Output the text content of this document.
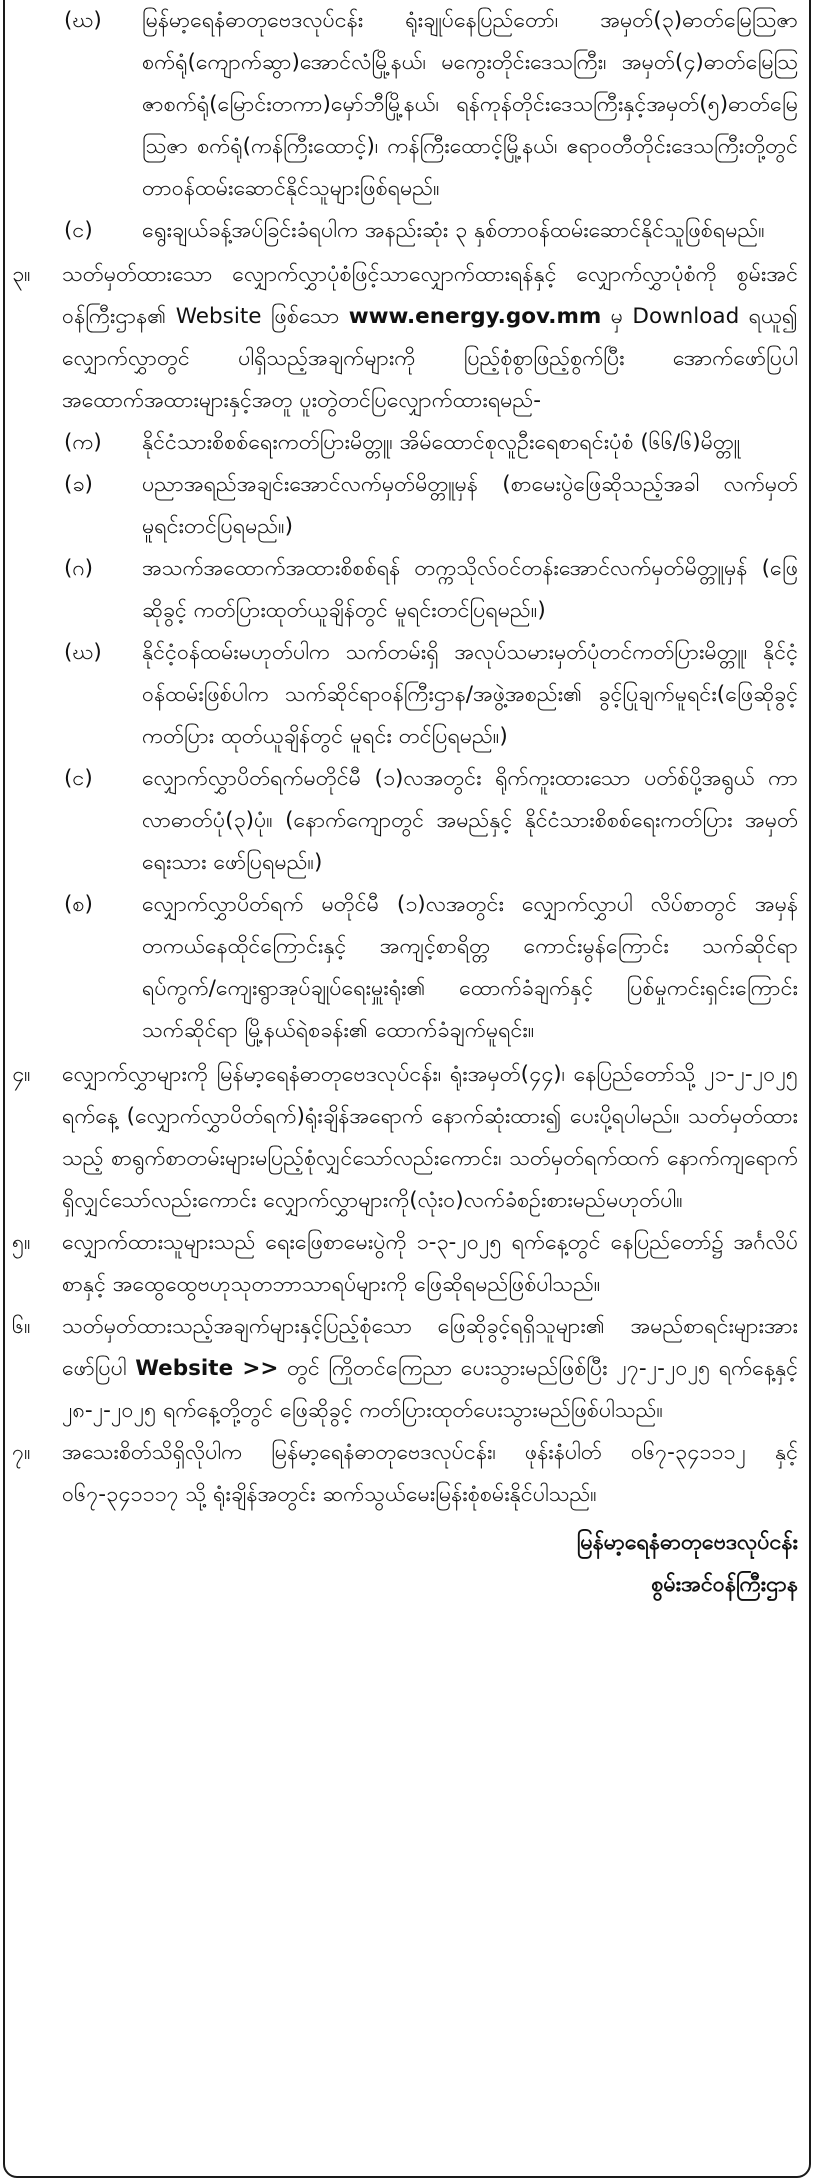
(ဃ)	မြန်မာ့ရေနံဓာတုဗေဒလုပ်ငန်း ရုံးချုပ်နေပြည်တော်၊ အမှတ်(၃)ဓာတ်မြေသြဇာစက်ရုံ(ကျောက်ဆွာ)အောင်လံမြို့နယ်၊ မကွေးတိုင်းဒေသကြီး၊ အမှတ်(၄)ဓာတ်မြေသြဇာစက်ရုံ(မြောင်းတကာ)မှော်ဘီမြို့နယ်၊ ရန်ကုန်တိုင်းဒေသကြီးနှင့်အမှတ်(၅)ဓာတ်မြေသြဇာ စက်ရုံ(ကန်ကြီးထောင့်)၊ ကန်ကြီးထောင့်မြို့နယ်၊ ဧရာဝတီတိုင်းဒေသကြီးတို့တွင် တာဝန်ထမ်းဆောင်နိုင်သူများဖြစ်ရမည်။
(င)	ရွေးချယ်ခန့်အပ်ခြင်းခံရပါက အနည်းဆုံး ၃ နှစ်တာဝန်ထမ်းဆောင်နိုင်သူဖြစ်ရမည်။
၃။	သတ်မှတ်ထားသော လျှောက်လွှာပုံစံဖြင့်သာလျှောက်ထားရန်နှင့် လျှောက်လွှာပုံစံကို စွမ်းအင်ဝန်ကြီးဌာန၏ Website ဖြစ်သော www.energy.gov.mm မှ Download ရယူ၍ လျှောက်လွှာတွင် ပါရှိသည့်အချက်များကို ပြည့်စုံစွာဖြည့်စွက်ပြီး အောက်ဖော်ပြပါ အထောက်အထားများနှင့်အတူ ပူးတွဲတင်ပြလျှောက်ထားရမည်-
(က)	နိုင်ငံသားစိစစ်ရေးကတ်ပြားမိတ္တူ၊ အိမ်ထောင်စုလူဦးရေစာရင်းပုံစံ (၆၆/၆)မိတ္တူ
(ခ)	ပညာအရည်အချင်းအောင်လက်မှတ်မိတ္တူမှန် (စာမေးပွဲဖြေဆိုသည့်အခါ လက်မှတ်မူရင်းတင်ပြရမည်။)
(ဂ)	အသက်အထောက်အထားစိစစ်ရန် တက္ကသိုလ်ဝင်တန်းအောင်လက်မှတ်မိတ္တူမှန် (ဖြေဆိုခွင့် ကတ်ပြားထုတ်ယူချိန်တွင် မူရင်းတင်ပြရမည်။)
(ဃ)	နိုင်ငံ့ဝန်ထမ်းမဟုတ်ပါက သက်တမ်းရှိ အလုပ်သမားမှတ်ပုံတင်ကတ်ပြားမိတ္တူ၊ နိုင်ငံ့ဝန်ထမ်းဖြစ်ပါက သက်ဆိုင်ရာဝန်ကြီးဌာန/အဖွဲ့အစည်း၏ ခွင့်ပြုချက်မူရင်း(ဖြေဆိုခွင့်ကတ်ပြား ထုတ်ယူချိန်တွင် မူရင်း တင်ပြရမည်။)
(င)	လျှောက်လွှာပိတ်ရက်မတိုင်မီ (၁)လအတွင်း ရိုက်ကူးထားသော ပတ်စ်ပို့အရွယ် ကာလာဓာတ်ပုံ(၃)ပုံ။ (နောက်ကျောတွင် အမည်နှင့် နိုင်ငံသားစိစစ်ရေးကတ်ပြား အမှတ်ရေးသား ဖော်ပြရမည်။)
(စ)	လျှောက်လွှာပိတ်ရက် မတိုင်မီ (၁)လအတွင်း လျှောက်လွှာပါ လိပ်စာတွင် အမှန်တကယ်နေထိုင်ကြောင်းနှင့် အကျင့်စာရိတ္တ ကောင်းမွန်ကြောင်း သက်ဆိုင်ရာ ရပ်ကွက်/ကျေးရွာအုပ်ချုပ်ရေးမှူးရုံး၏ ထောက်ခံချက်နှင့် ပြစ်မှုကင်းရှင်းကြောင်း သက်ဆိုင်ရာ မြို့နယ်ရဲစခန်း၏ ထောက်ခံချက်မူရင်း။
၄။	လျှောက်လွှာများကို မြန်မာ့ရေနံဓာတုဗေဒလုပ်ငန်း၊ ရုံးအမှတ်(၄၄)၊ နေပြည်တော်သို့ ၂၁-၂-၂၀၂၅ ရက်နေ့ (လျှောက်လွှာပိတ်ရက်)ရုံးချိန်အရောက် နောက်ဆုံးထား၍ ပေးပို့ရပါမည်။ သတ်မှတ်ထားသည့် စာရွက်စာတမ်းများမပြည့်စုံလျှင်သော်လည်းကောင်း၊ သတ်မှတ်ရက်ထက် နောက်ကျရောက်ရှိလျှင်သော်လည်းကောင်း လျှောက်လွှာများကို(လုံးဝ)လက်ခံစဉ်းစားမည်မဟုတ်ပါ။
၅။	လျှောက်ထားသူများသည် ရေးဖြေစာမေးပွဲကို ၁-၃-၂၀၂၅ ရက်နေ့တွင် နေပြည်တော်၌ အင်္ဂလိပ်စာနှင့် အထွေထွေဗဟုသုတဘာသာရပ်များကို ဖြေဆိုရမည်ဖြစ်ပါသည်။
၆။	သတ်မှတ်ထားသည့်အချက်များနှင့်ပြည့်စုံသော ဖြေဆိုခွင့်ရရှိသူများ၏ အမည်စာရင်းများအား ဖော်ပြပါ Website >> တွင် ကြိုတင်ကြေညာ ပေးသွားမည်ဖြစ်ပြီး ၂၇-၂-၂၀၂၅ ရက်နေ့နှင့် ၂၈-၂-၂၀၂၅ ရက်နေ့တို့တွင် ဖြေဆိုခွင့် ကတ်ပြားထုတ်ပေးသွားမည်ဖြစ်ပါသည်။
၇။	အသေးစိတ်သိရှိလိုပါက မြန်မာ့ရေနံဓာတုဗေဒလုပ်ငန်း၊ ဖုန်းနံပါတ် ၀၆၇-၃၄၁၁၁၂ နှင့် ၀၆၇-၃၄၁၁၁၇ သို့ ရုံးချိန်အတွင်း ဆက်သွယ်မေးမြန်းစုံစမ်းနိုင်ပါသည်။
မြန်မာ့ရေနံဓာတုဗေဒလုပ်ငန်း
စွမ်းအင်ဝန်ကြီးဌာန
